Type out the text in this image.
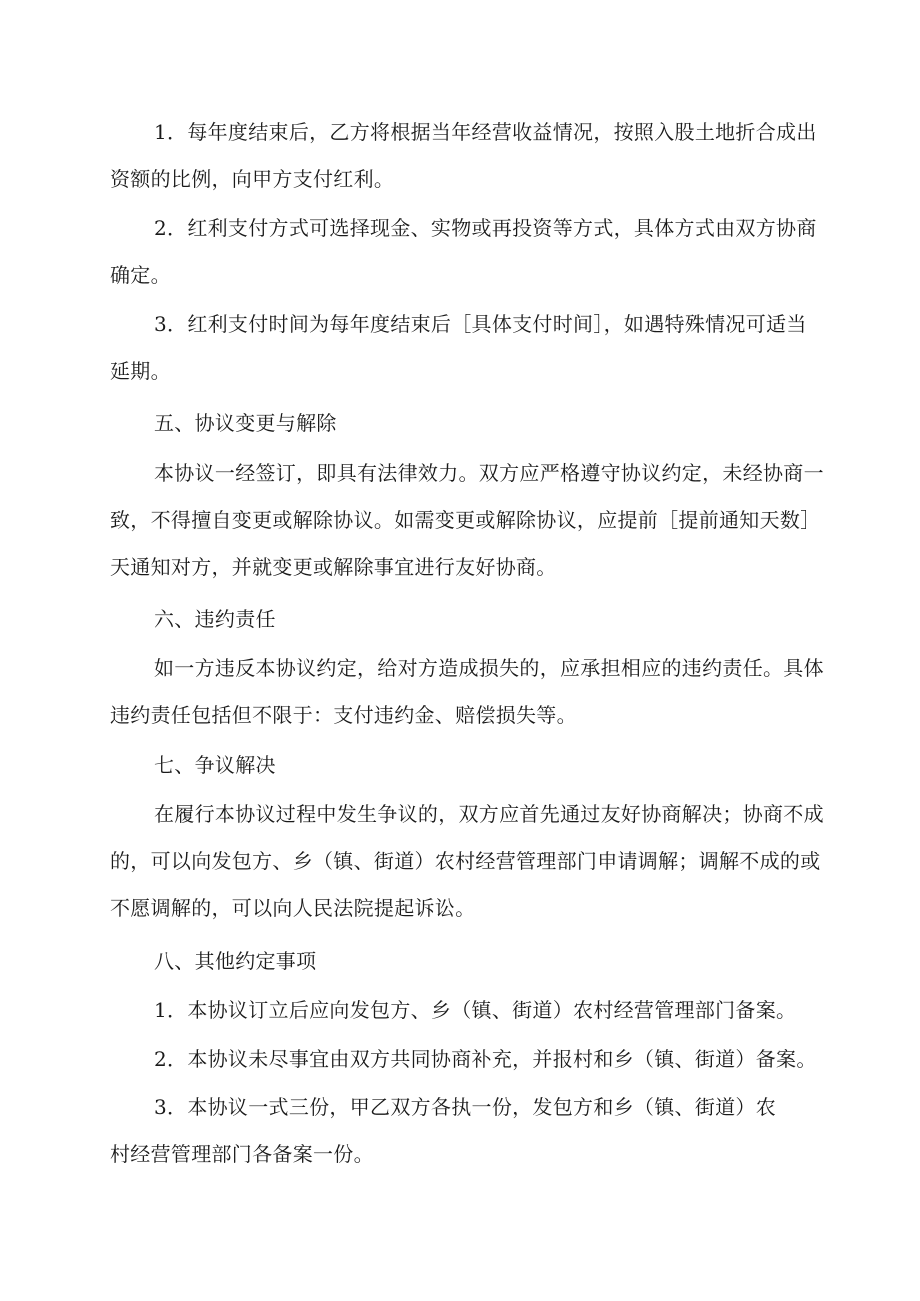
1．每年度结束后，乙方将根据当年经营收益情况，按照入股土地折合成出
资额的比例，向甲方支付红利。
2．红利支付方式可选择现金、实物或再投资等方式，具体方式由双方协商
确定。
3．红利支付时间为每年度结束后［具体支付时间］，如遇特殊情况可适当
延期。
五、协议变更与解除
本协议一经签订，即具有法律效力。双方应严格遵守协议约定，未经协商一
致，不得擅自变更或解除协议。如需变更或解除协议，应提前［提前通知天数］
天通知对方，并就变更或解除事宜进行友好协商。
六、违约责任
如一方违反本协议约定，给对方造成损失的，应承担相应的违约责任。具体
违约责任包括但不限于：支付违约金、赔偿损失等。
七、争议解决
在履行本协议过程中发生争议的，双方应首先通过友好协商解决；协商不成
的，可以向发包方、乡（镇、街道）农村经营管理部门申请调解；调解不成的或
不愿调解的，可以向人民法院提起诉讼。
八、其他约定事项
1．本协议订立后应向发包方、乡（镇、街道）农村经营管理部门备案。
2．本协议未尽事宜由双方共同协商补充，并报村和乡（镇、街道）备案。
3．本协议一式三份，甲乙双方各执一份，发包方和乡（镇、街道）农
村经营管理部门各备案一份。
